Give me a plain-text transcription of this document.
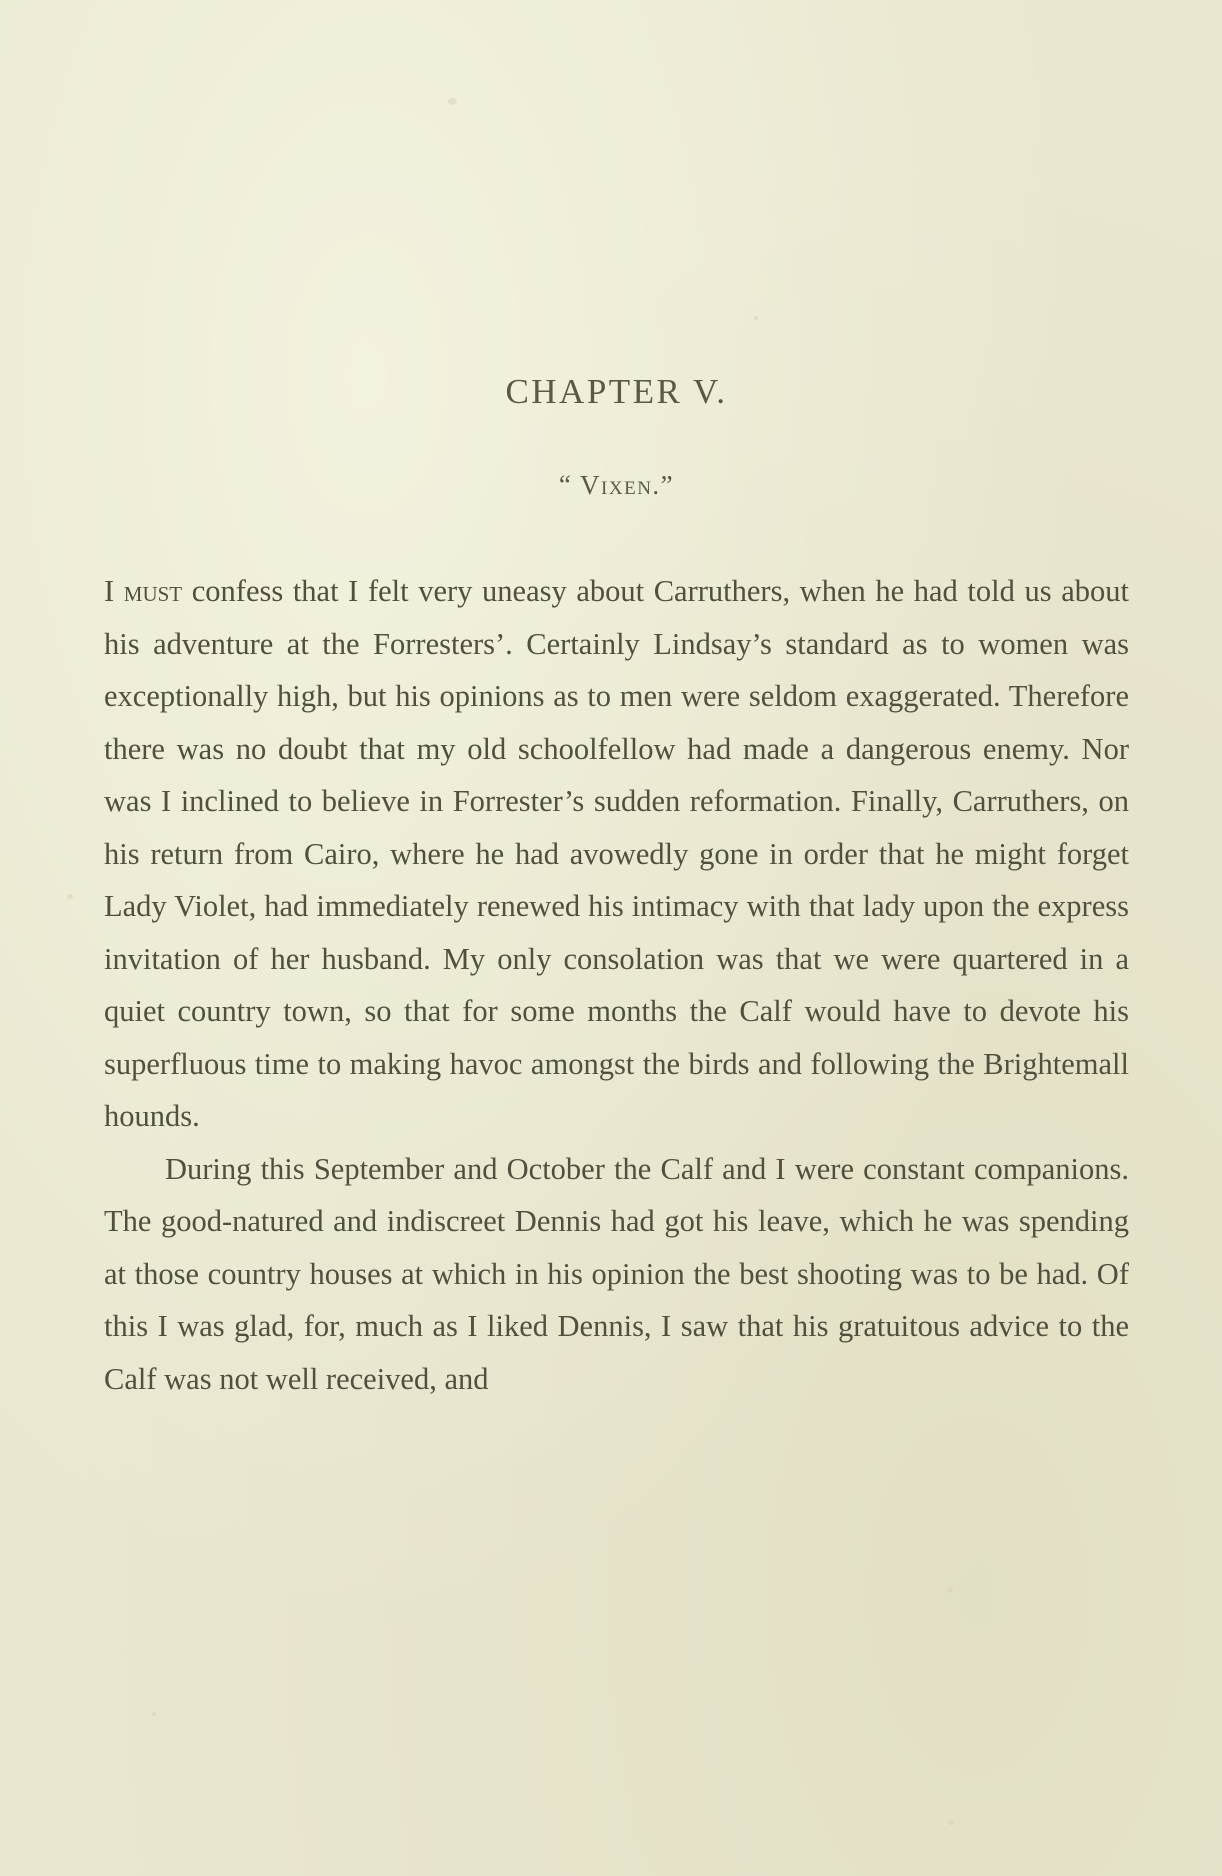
CHAPTER V.
“ Vixen.”

I must confess that I felt very uneasy about Carruthers, when he had told us about his adventure at the Forresters’. Certainly Lindsay’s standard as to women was exceptionally high, but his opinions as to men were seldom exaggerated. Therefore there was no doubt that my old schoolfellow had made a dangerous enemy. Nor was I inclined to believe in Forrester’s sudden reformation. Finally, Carruthers, on his return from Cairo, where he had avowedly gone in order that he might forget Lady Violet, had immediately renewed his intimacy with that lady upon the express invitation of her husband. My only consolation was that we were quartered in a quiet country town, so that for some months the Calf would have to devote his superfluous time to making havoc amongst the birds and following the Brightemall hounds.

During this September and October the Calf and I were constant companions. The good-natured and indiscreet Dennis had got his leave, which he was spending at those country houses at which in his opinion the best shooting was to be had. Of this I was glad, for, much as I liked Dennis, I saw that his gratuitous advice to the Calf was not well received, and
